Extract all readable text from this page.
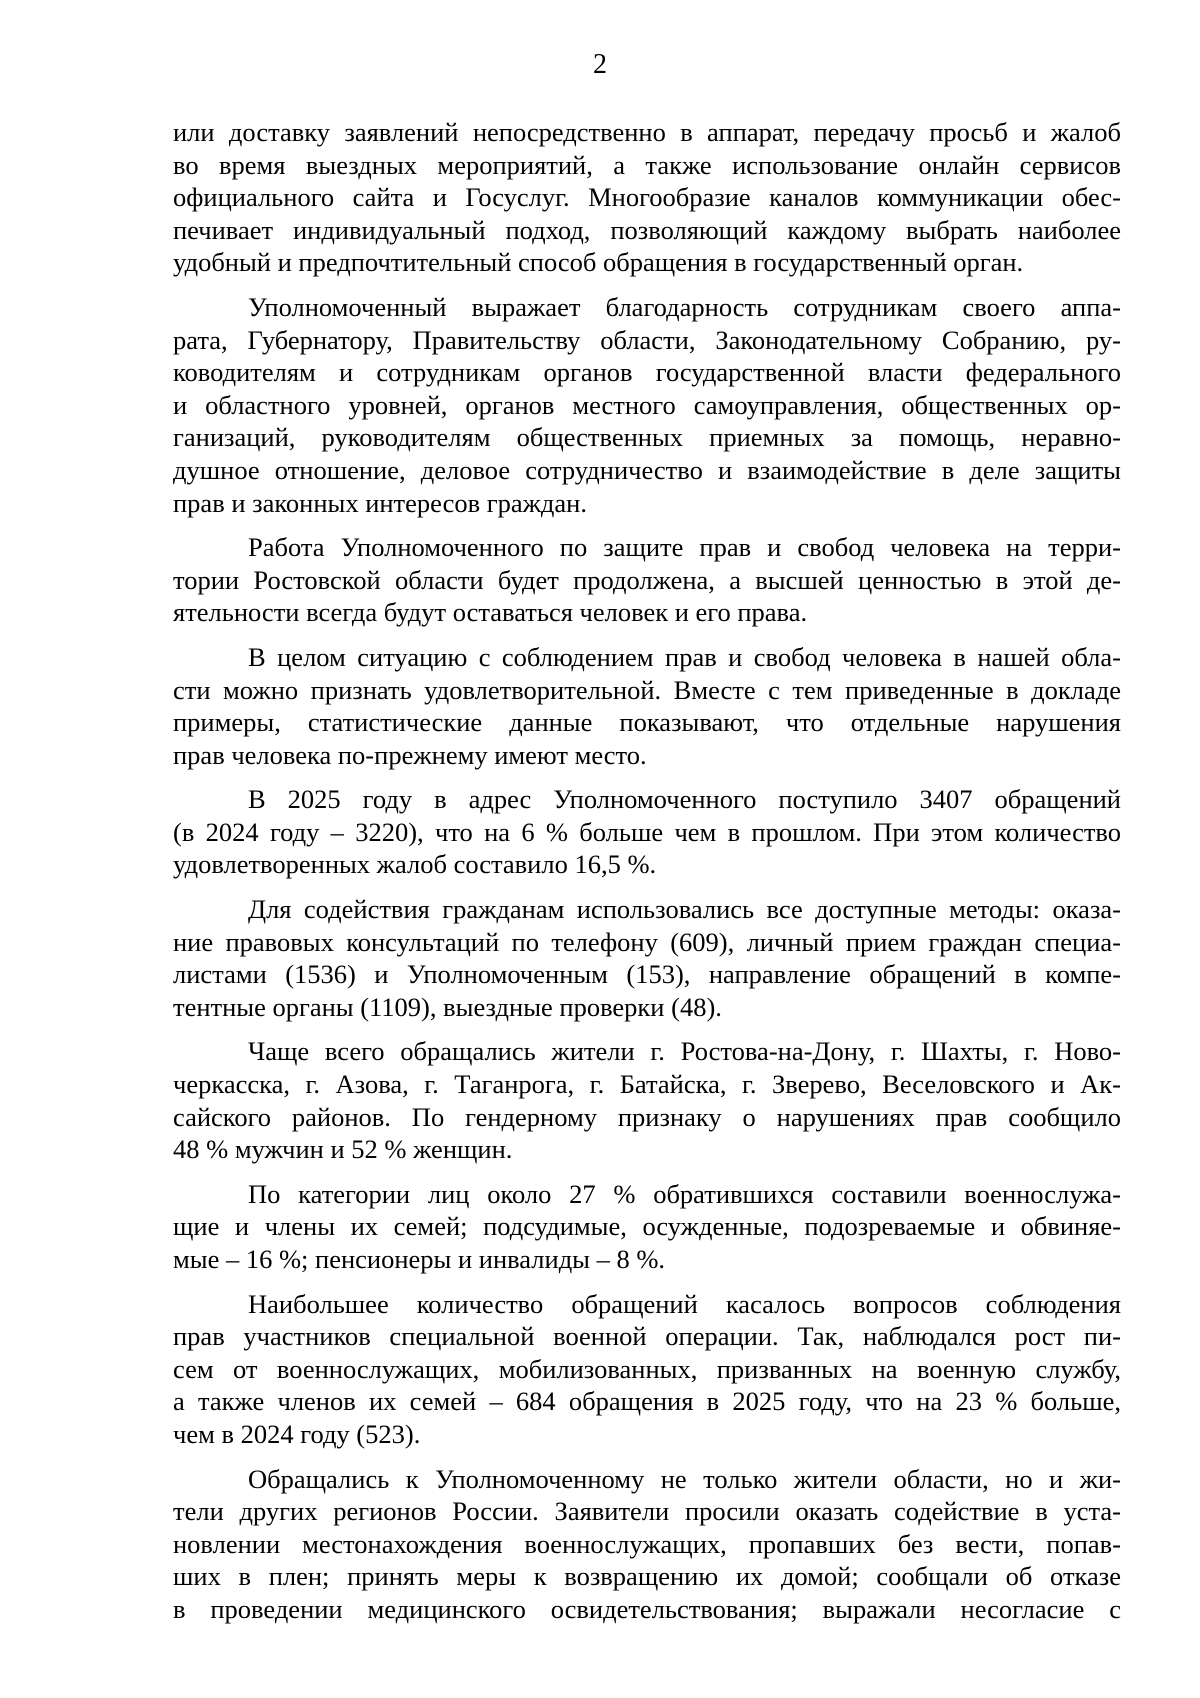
2

или доставку заявлений непосредственно в аппарат, передачу просьб и жалоб
во время выездных мероприятий, а также использование онлайн сервисов
официального сайта и Госуслуг. Многообразие каналов коммуникации обес-
печивает индивидуальный подход, позволяющий каждому выбрать наиболее
удобный и предпочтительный способ обращения в государственный орган.

Уполномоченный выражает благодарность сотрудникам своего аппа-
рата, Губернатору, Правительству области, Законодательному Собранию, ру-
ководителям и сотрудникам органов государственной власти федерального
и областного уровней, органов местного самоуправления, общественных ор-
ганизаций, руководителям общественных приемных за помощь, неравно-
душное отношение, деловое сотрудничество и взаимодействие в деле защиты
прав и законных интересов граждан.

Работа Уполномоченного по защите прав и свобод человека на терри-
тории Ростовской области будет продолжена, а высшей ценностью в этой де-
ятельности всегда будут оставаться человек и его права.

В целом ситуацию с соблюдением прав и свобод человека в нашей обла-
сти можно признать удовлетворительной. Вместе с тем приведенные в докладе
примеры, статистические данные показывают, что отдельные нарушения
прав человека по-прежнему имеют место.

В 2025 году в адрес Уполномоченного поступило 3407 обращений
(в 2024 году – 3220), что на 6 % больше чем в прошлом. При этом количество
удовлетворенных жалоб составило 16,5 %.

Для содействия гражданам использовались все доступные методы: оказа-
ние правовых консультаций по телефону (609), личный прием граждан специа-
листами (1536) и Уполномоченным (153), направление обращений в компе-
тентные органы (1109), выездные проверки (48).

Чаще всего обращались жители г. Ростова-на-Дону, г. Шахты, г. Ново-
черкасска, г. Азова, г. Таганрога, г. Батайска, г. Зверево, Веселовского и Ак-
сайского районов. По гендерному признаку о нарушениях прав сообщило
48 % мужчин и 52 % женщин.

По категории лиц около 27 % обратившихся составили военнослужа-
щие и члены их семей; подсудимые, осужденные, подозреваемые и обвиняе-
мые – 16 %; пенсионеры и инвалиды – 8 %.

Наибольшее количество обращений касалось вопросов соблюдения
прав участников специальной военной операции. Так, наблюдался рост пи-
сем от военнослужащих, мобилизованных, призванных на военную службу,
а также членов их семей – 684 обращения в 2025 году, что на 23 % больше,
чем в 2024 году (523).

Обращались к Уполномоченному не только жители области, но и жи-
тели других регионов России. Заявители просили оказать содействие в уста-
новлении местонахождения военнослужащих, пропавших без вести, попав-
ших в плен; принять меры к возвращению их домой; сообщали об отказе
в проведении медицинского освидетельствования; выражали несогласие с
